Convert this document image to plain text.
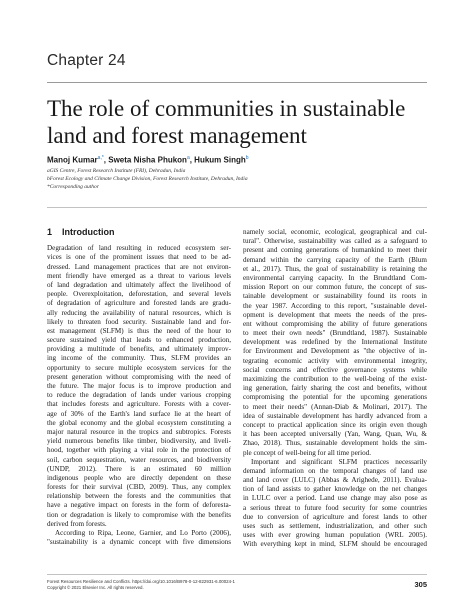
Chapter 24
The role of communities in sustainable
land and forest management
Manoj Kumar$^{a,*}$, Sweta Nisha Phukon$^a$, Hukum Singh$^b$
aGIS Centre, Forest Research Institute (FRI), Dehradun, India
bForest Ecology and Climate Change Division, Forest Research Institute, Dehradun, India
*Corresponding author
1 Introduction
Degradation of land resulting in reduced ecosystem ser-
vices is one of the prominent issues that need to be ad-
dressed. Land management practices that are not environ-
ment friendly have emerged as a threat to various levels
of land degradation and ultimately affect the livelihood of
people. Overexploitation, deforestation, and several levels
of degradation of agriculture and forested lands are gradu-
ally reducing the availability of natural resources, which is
likely to threaten food security. Sustainable land and for-
est management (SLFM) is thus the need of the hour to
secure sustained yield that leads to enhanced production,
providing a multitude of benefits, and ultimately improv-
ing income of the community. Thus, SLFM provides an
opportunity to secure multiple ecosystem services for the
present generation without compromising with the need of
the future. The major focus is to improve production and
to reduce the degradation of lands under various cropping
that includes forests and agriculture. Forests with a cover-
age of 30% of the Earth's land surface lie at the heart of
the global economy and the global ecosystem constituting a
major natural resource in the tropics and subtropics. Forests
yield numerous benefits like timber, biodiversity, and liveli-
hood, together with playing a vital role in the protection of
soil, carbon sequestration, water resources, and biodiversity
(UNDP, 2012). There is an estimated 60 million
indigenous people who are directly dependent on these
forests for their survival (CBD, 2009). Thus, any complex
relationship between the forests and the communities that
have a negative impact on forests in the form of deforesta-
tion or degradation is likely to compromise with the benefits
derived from forests.
According to Ripa, Leone, Garnier, and Lo Porto (2006),
"sustainability is a dynamic concept with five dimensions
namely social, economic, ecological, geographical and cul-
tural". Otherwise, sustainability was called as a safeguard to
present and coming generations of humankind to meet their
demand within the carrying capacity of the Earth (Blum
et al., 2017). Thus, the goal of sustainability is retaining the
environmental carrying capacity. In the Brundtland Com-
mission Report on our common future, the concept of sus-
tainable development or sustainability found its roots in
the year 1987. According to this report, "sustainable devel-
opment is development that meets the needs of the pres-
ent without compromising the ability of future generations
to meet their own needs" (Brundtland, 1987). Sustainable
development was redefined by the International Institute
for Environment and Development as "the objective of in-
tegrating economic activity with environmental integrity,
social concerns and effective governance systems while
maximizing the contribution to the well-being of the exist-
ing generation, fairly sharing the cost and benefits, without
compromising the potential for the upcoming generations
to meet their needs" (Annan-Diab & Molinari, 2017). The
idea of sustainable development has hardly advanced from a
concept to practical application since its origin even though
it has been accepted universally (Yan, Wang, Quan, Wu, &
Zhao, 2018). Thus, sustainable development holds the sim-
ple concept of well-being for all time period.
Important and significant SLFM practices necessarily
demand information on the temporal changes of land use
and land cover (LULC) (Abbas & Arighede, 2011). Evalua-
tion of land assists to gather knowledge on the net changes
in LULC over a period. Land use change may also pose as
a serious threat to future food security for some countries
due to conversion of agriculture and forest lands to other
uses such as settlement, industrialization, and other such
uses with ever growing human population (WRL 2005).
With everything kept in mind, SLFM should be encouraged
Forest Resources Resilience and Conflicts. https://doi.org/10.1016/B978-0-12-822931-6.00024-1
Copyright © 2021 Elsevier Inc. All rights reserved.	305
